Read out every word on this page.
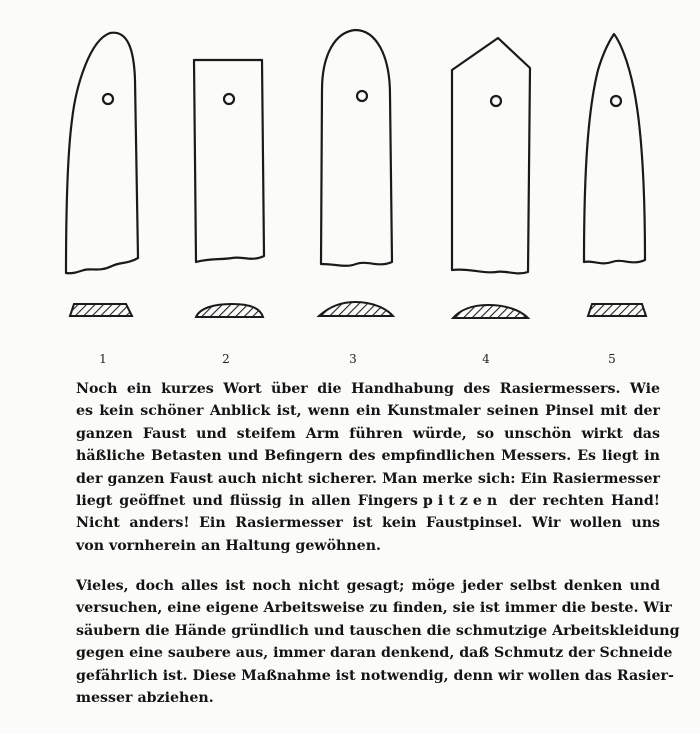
1	2	3	4	5
Noch ein kurzes Wort über die Handhabung des Rasiermessers. Wie
es kein schöner Anblick ist, wenn ein Kunstmaler seinen Pinsel mit der
ganzen Faust und steifem Arm führen würde, so unschön wirkt das
häßliche Betasten und Befingern des empfindlichen Messers. Es liegt in
der ganzen Faust auch nicht sicherer. Man merke sich: Ein Rasiermesser
liegt geöffnet und flüssig in allen Fingerspitzen der rechten Hand!
Nicht anders! Ein Rasiermesser ist kein Faustpinsel. Wir wollen uns
von vornherein an Haltung gewöhnen.
Vieles, doch alles ist noch nicht gesagt; möge jeder selbst denken und
versuchen, eine eigene Arbeitsweise zu finden, sie ist immer die beste. Wir
säubern die Hände gründlich und tauschen die schmutzige Arbeitskleidung
gegen eine saubere aus, immer daran denkend, daß Schmutz der Schneide
gefährlich ist. Diese Maßnahme ist notwendig, denn wir wollen das Rasier-
messer abziehen.
